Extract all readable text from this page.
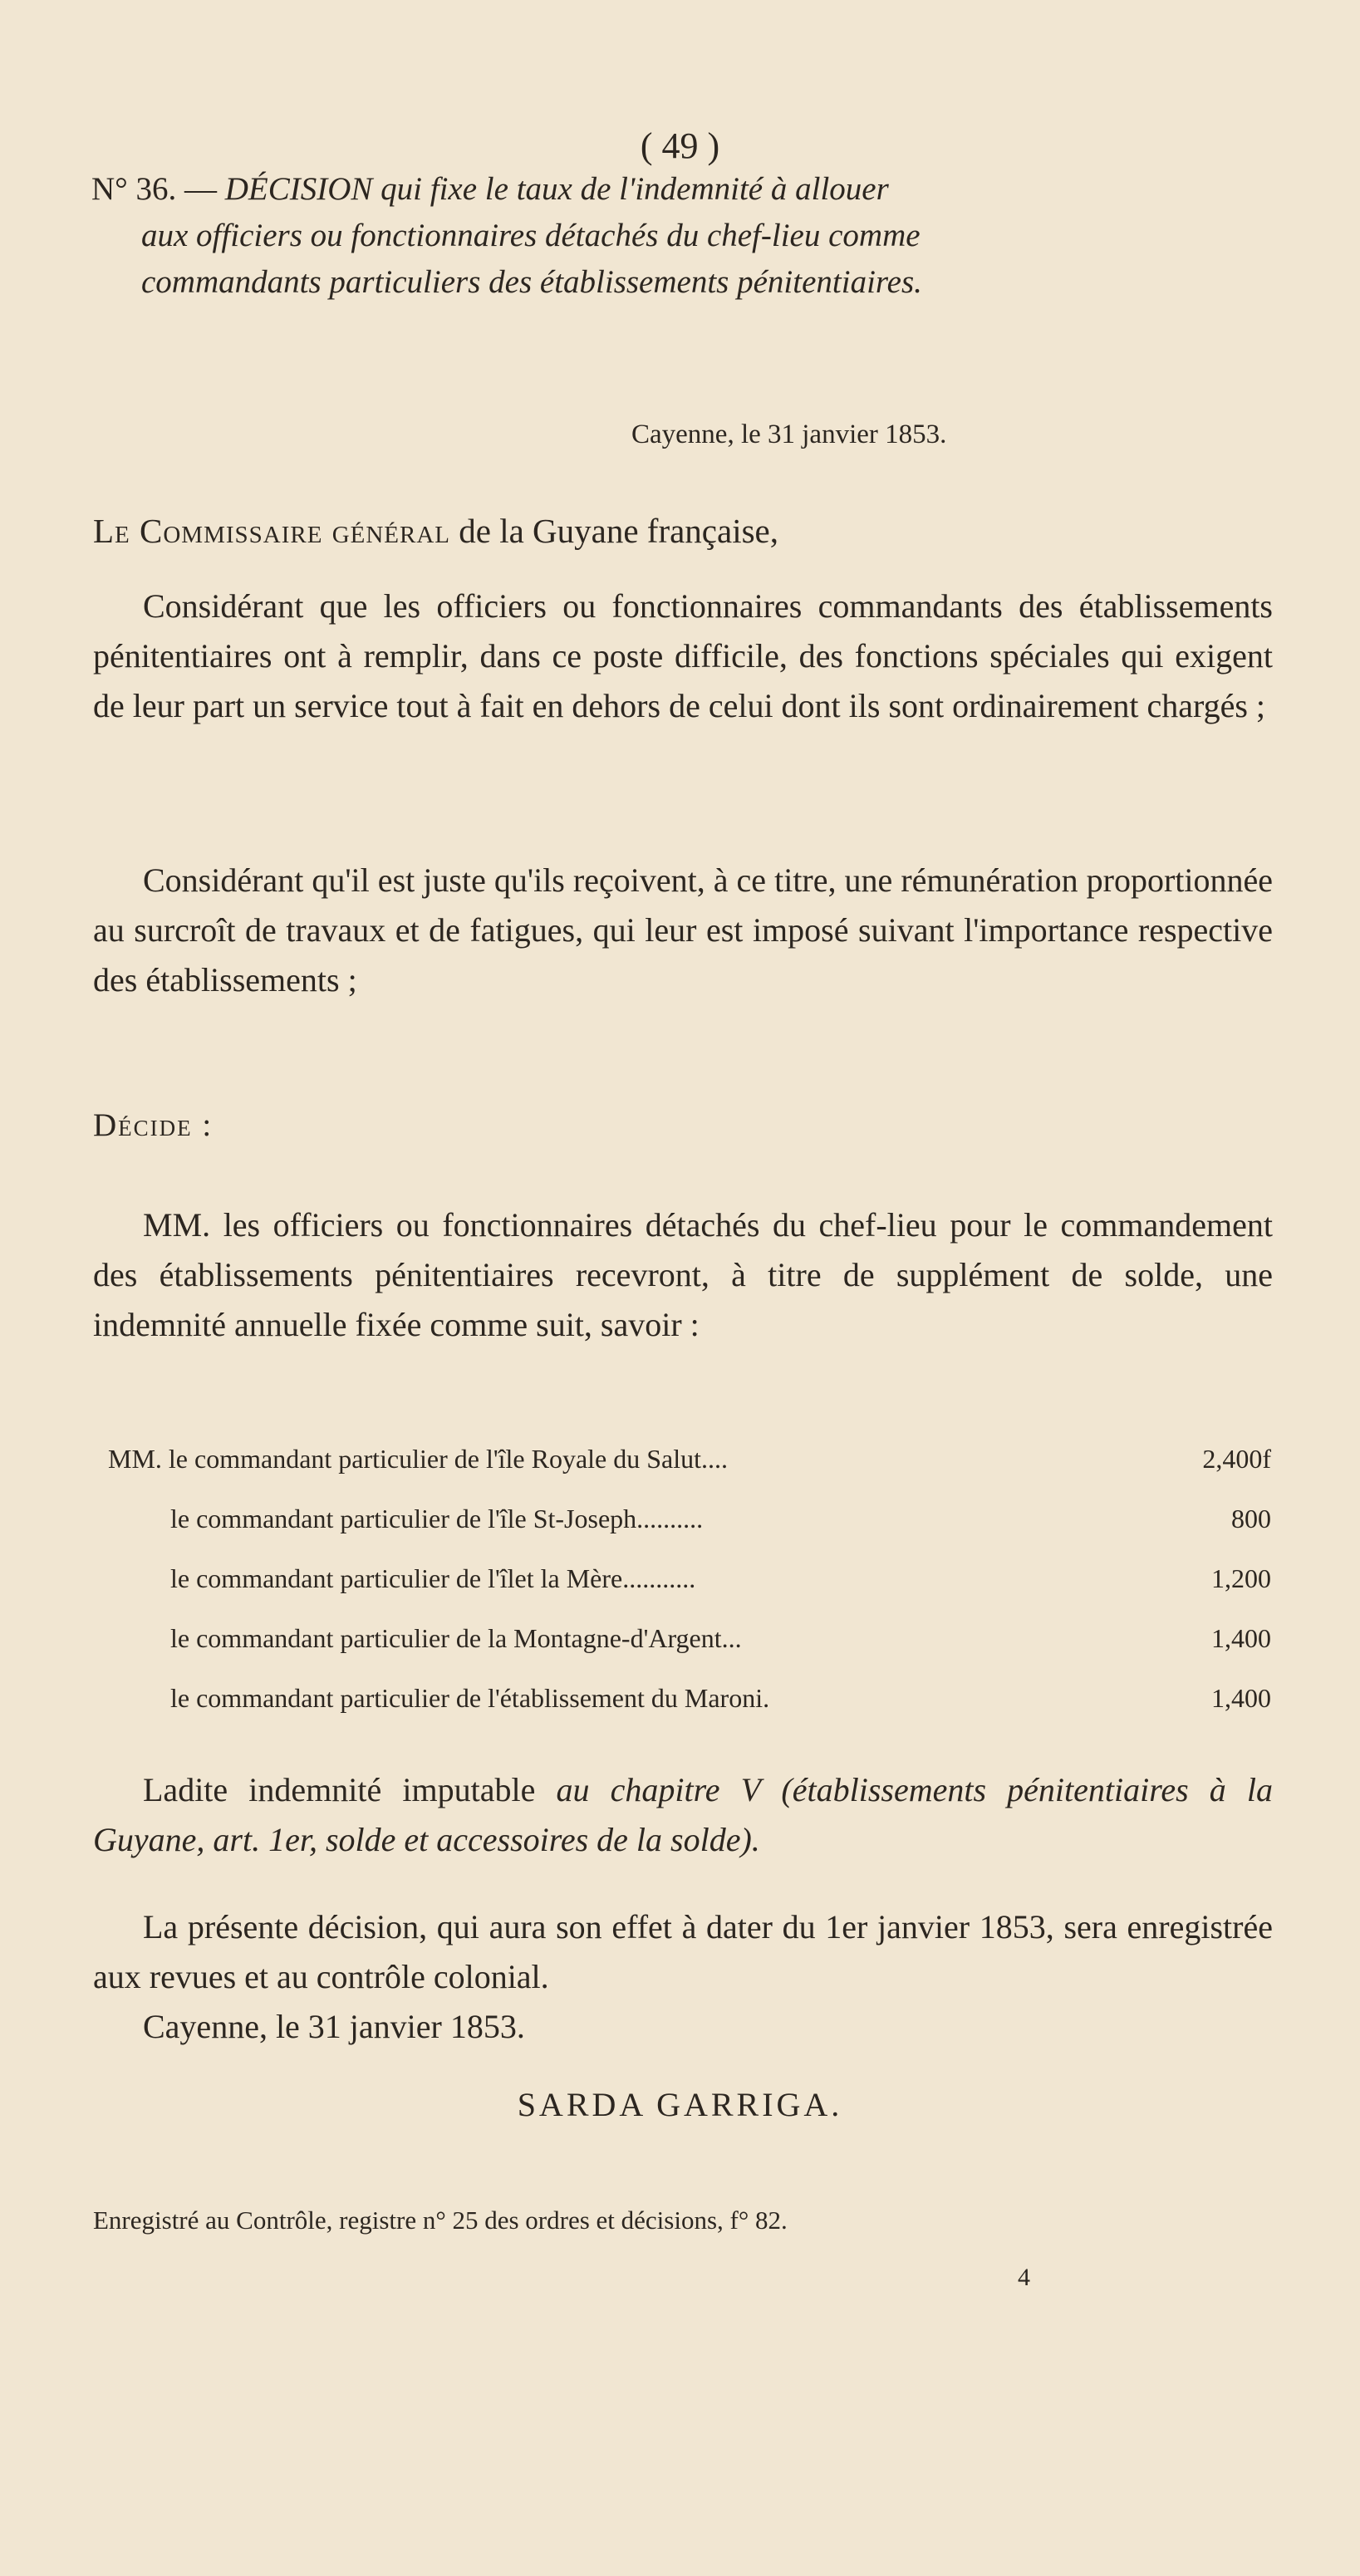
( 49 )
N° 36. — DÉCISION qui fixe le taux de l'indemnité à allouer
aux officiers ou fonctionnaires détachés du chef-lieu comme
commandants particuliers des établissements pénitentiaires.
Cayenne, le 31 janvier 1853.
Le Commissaire général de la Guyane française,
Considérant que les officiers ou fonctionnaires commandants des établissements pénitentiaires ont à remplir, dans ce poste difficile, des fonctions spéciales qui exigent de leur part un service tout à fait en dehors de celui dont ils sont ordinairement chargés ;
Considérant qu'il est juste qu'ils reçoivent, à ce titre, une rémunération proportionnée au surcroît de travaux et de fatigues, qui leur est imposé suivant l'importance respective des établissements ;
Décide :
MM. les officiers ou fonctionnaires détachés du chef-lieu pour le commandement des établissements pénitentiaires recevront, à titre de supplément de solde, une indemnité annuelle fixée comme suit, savoir :
MM. le commandant particulier de l'île Royale du Salut....	2,400f
le commandant particulier de l'île St-Joseph..........	800
le commandant particulier de l'îlet la Mère...........	1,200
le commandant particulier de la Montagne-d'Argent...	1,400
le commandant particulier de l'établissement du Maroni.	1,400
Ladite indemnité imputable au chapitre V (établissements pénitentiaires à la Guyane, art. 1er, solde et accessoires de la solde).
La présente décision, qui aura son effet à dater du 1er janvier 1853, sera enregistrée aux revues et au contrôle colonial.
Cayenne, le 31 janvier 1853.
SARDA GARRIGA.
Enregistré au Contrôle, registre n° 25 des ordres et décisions, f° 82.
4
